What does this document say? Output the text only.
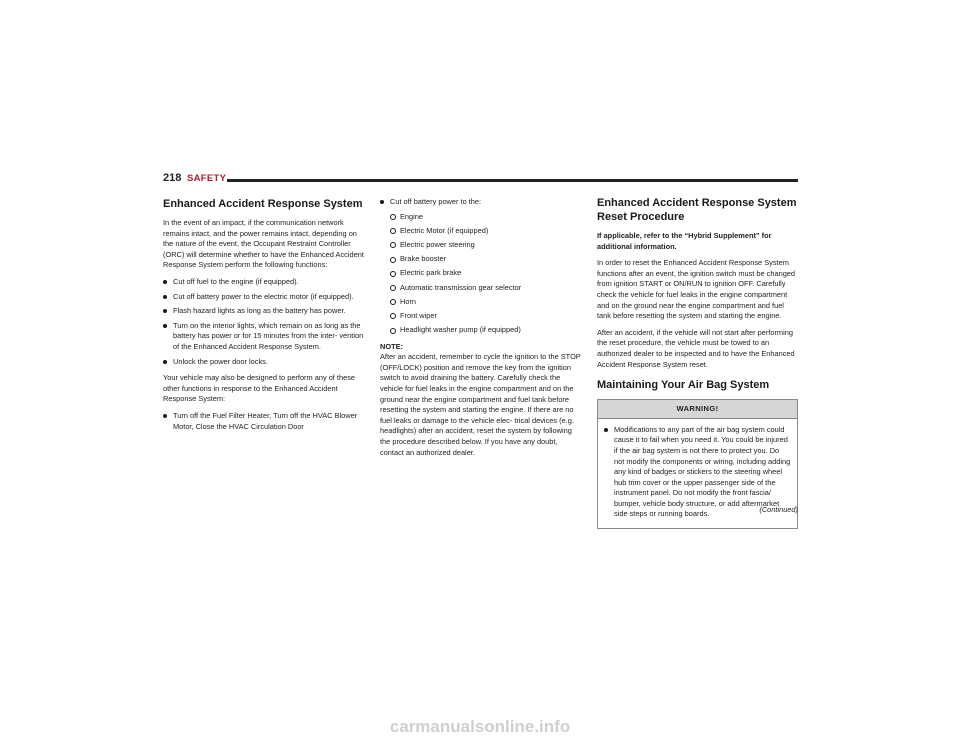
218 SAFETY
Enhanced Accident Response System

In the event of an impact, if the communication network remains intact, and the power remains intact, depending on the nature of the event, the Occupant Restraint Controller (ORC) will determine whether to have the Enhanced Accident Response System perform the following functions:

Cut off fuel to the engine (if equipped).
Cut off battery power to the electric motor (if equipped).
Flash hazard lights as long as the battery has power.
Turn on the interior lights, which remain on as long as the battery has power or for 15 minutes from the inter- vention of the Enhanced Accident Response System.
Unlock the power door locks.

Your vehicle may also be designed to perform any of these other functions in response to the Enhanced Accident Response System:

Turn off the Fuel Filter Heater, Turn off the HVAC Blower Motor, Close the HVAC Circulation Door
Cut off battery power to the:
Engine
Electric Motor (if equipped)
Electric power steering
Brake booster
Electric park brake
Automatic transmission gear selector
Horn
Front wiper
Headlight washer pump (if equipped)

NOTE:

After an accident, remember to cycle the ignition to the STOP (OFF/LOCK) position and remove the key from the ignition switch to avoid draining the battery. Carefully check the vehicle for fuel leaks in the engine compartment and on the ground near the engine compartment and fuel tank before resetting the system and starting the engine. If there are no fuel leaks or damage to the vehicle elec- trical devices (e.g. headlights) after an accident, reset the system by following the procedure described below. If you have any doubt, contact an authorized dealer.

Enhanced Accident Response System Reset Procedure

If applicable, refer to the “Hybrid Supplement” for additional information.

In order to reset the Enhanced Accident Response System functions after an event, the ignition switch must be changed from ignition START or ON/RUN to ignition OFF. Carefully check the vehicle for fuel leaks in the engine compartment and on the ground near the engine compartment and fuel tank before resetting the system and starting the engine.

After an accident, if the vehicle will not start after performing the reset procedure, the vehicle must be towed to an authorized dealer to be inspected and to have the Enhanced Accident Response System reset.

Maintaining Your Air Bag System
WARNING!
Modifications to any part of the air bag system could cause it to fail when you need it. You could be injured if the air bag system is not there to protect you. Do not modify the components or wiring, including adding any kind of badges or stickers to the steering wheel hub trim cover or the upper passenger side of the instrument panel. Do not modify the front fascia/ bumper, vehicle body structure, or add aftermarket side steps or running boards.	(Continued)
carmanualsonline.info
